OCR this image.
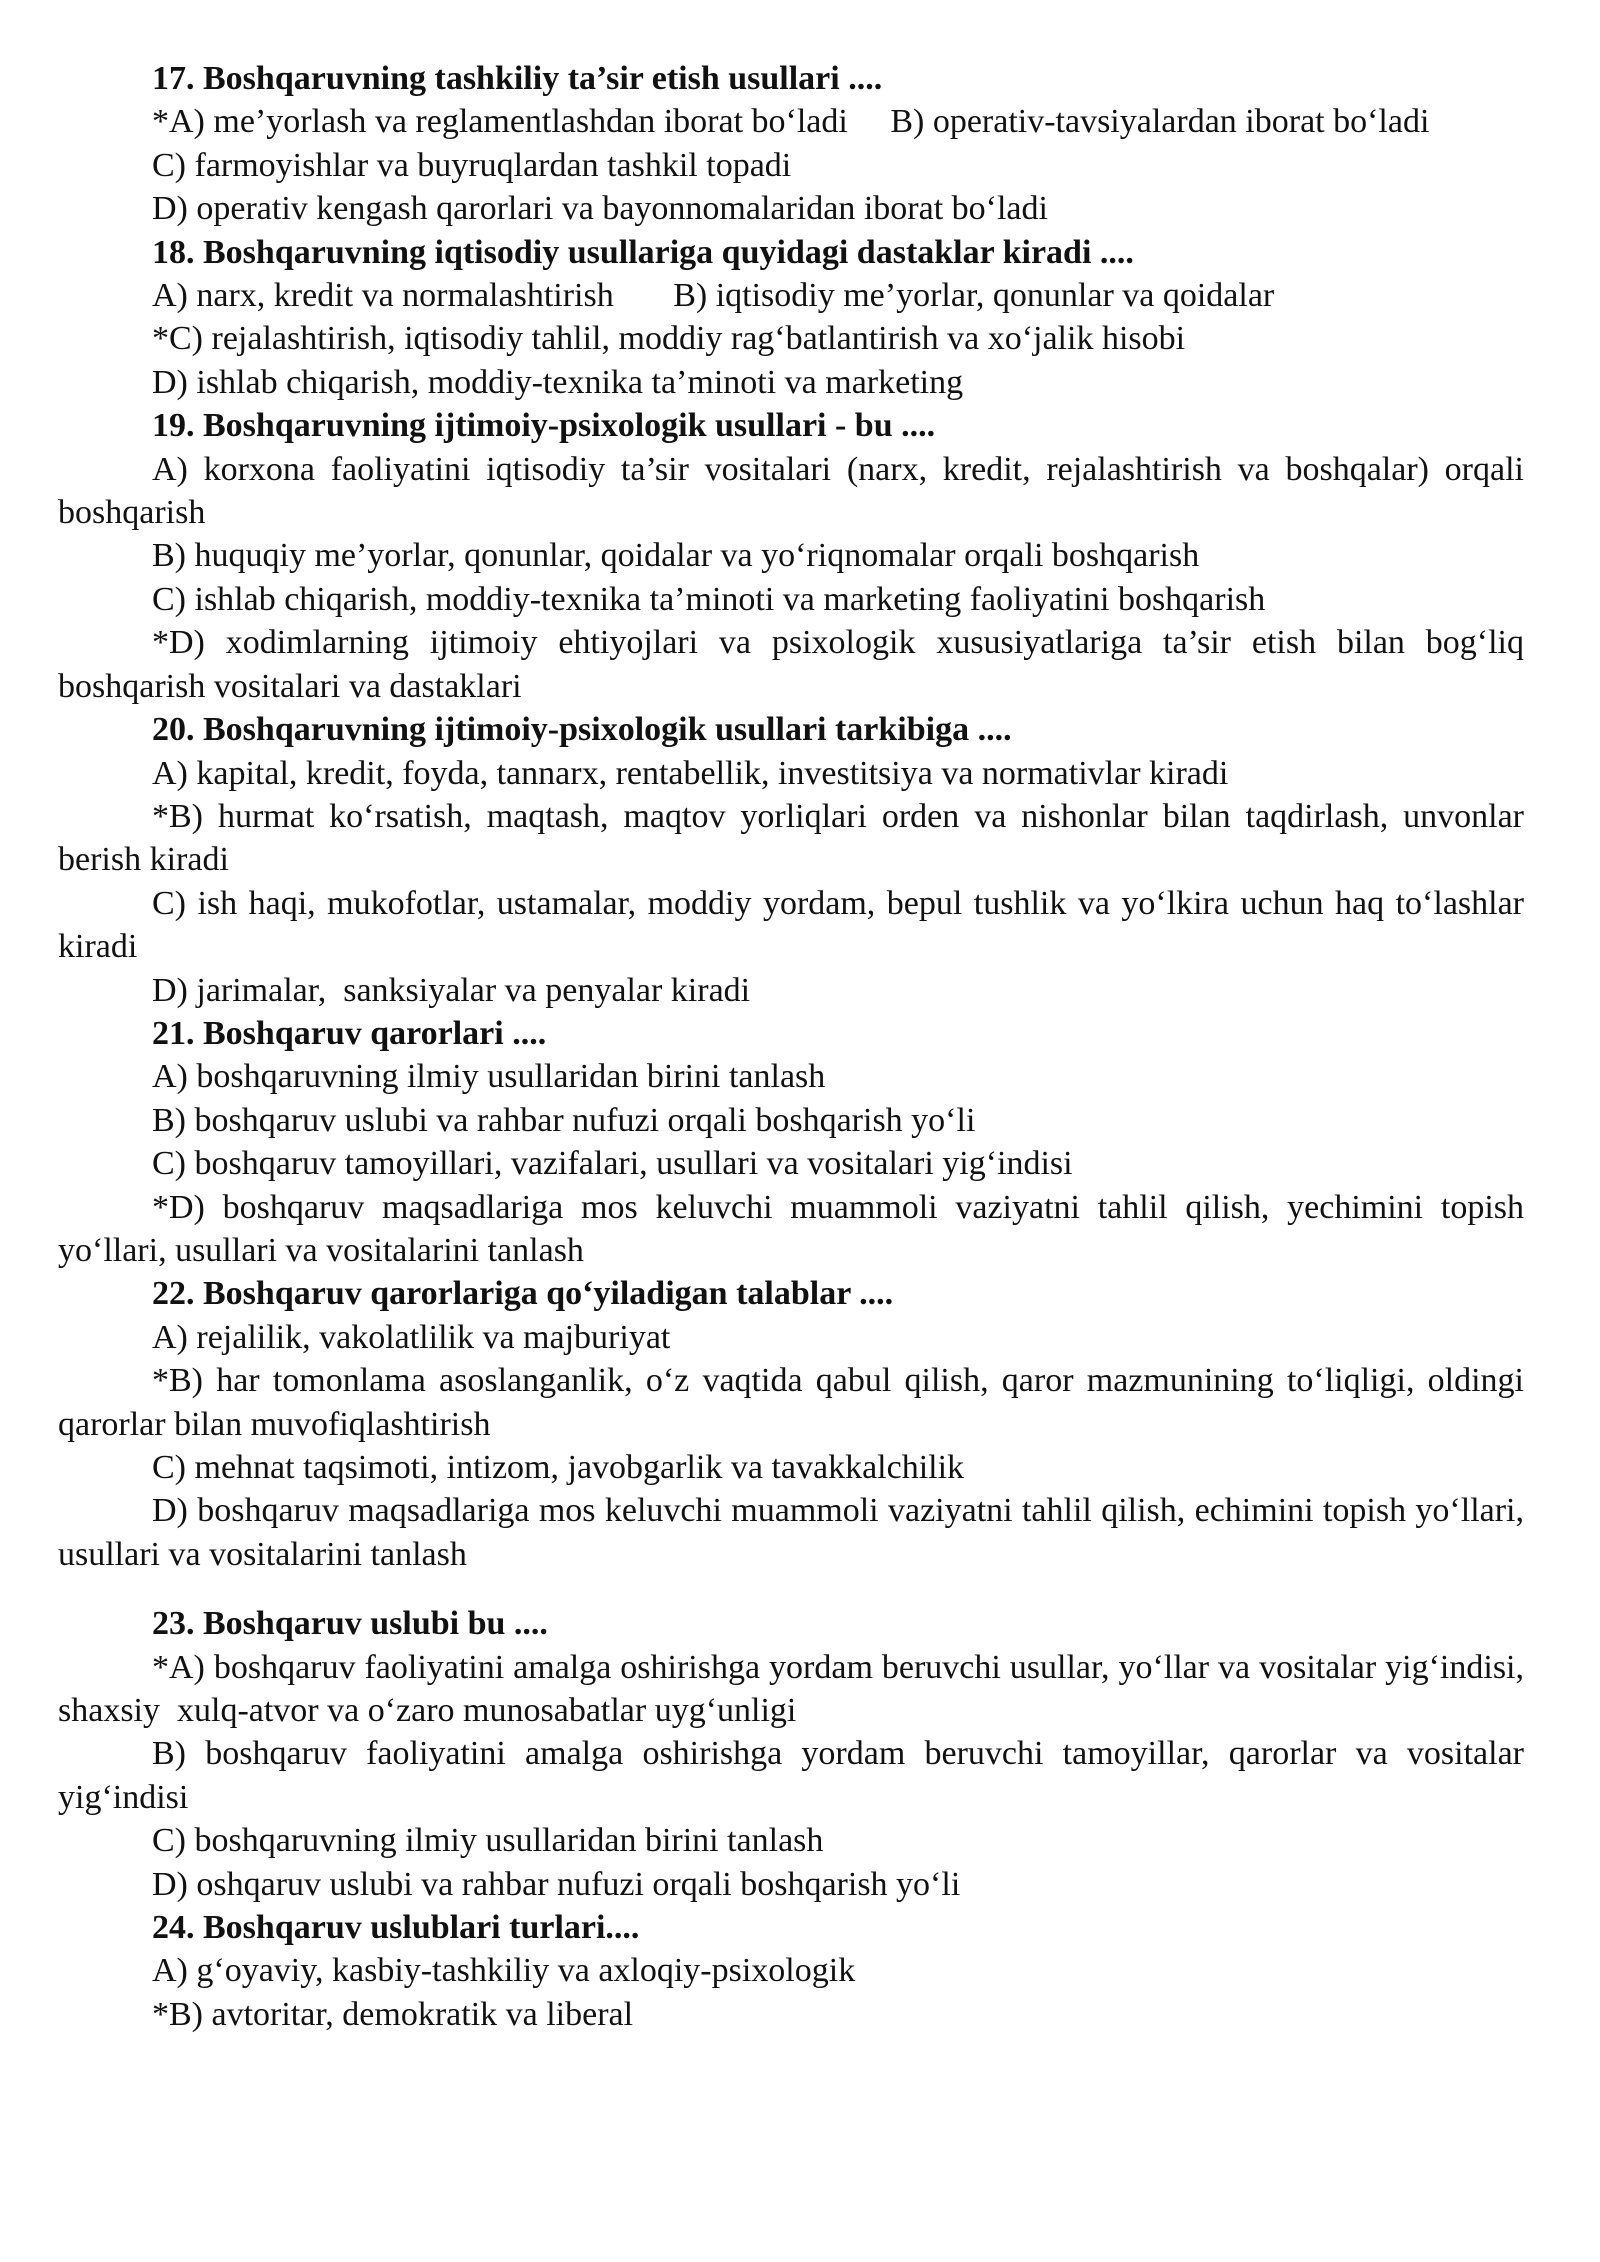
17. Boshqaruvning tashkiliy ta’sir etish usullari ....

*A) me’yorlash va reglamentlashdan iborat bo‘ladi     B) operativ-tavsiyalardan iborat bo‘ladi

C) farmoyishlar va buyruqlardan tashkil topadi

D) operativ kengash qarorlari va bayonnomalaridan iborat bo‘ladi

18. Boshqaruvning iqtisodiy usullariga quyidagi dastaklar kiradi ....

A) narx, kredit va normalashtirish       B) iqtisodiy me’yorlar, qonunlar va qoidalar

*C) rejalashtirish, iqtisodiy tahlil, moddiy rag‘batlantirish va xo‘jalik hisobi

D) ishlab chiqarish, moddiy-texnika ta’minoti va marketing

19. Boshqaruvning ijtimoiy-psixologik usullari - bu ....

A) korxona faoliyatini iqtisodiy ta’sir vositalari (narx, kredit, rejalashtirish va boshqalar) orqali boshqarish

B) huquqiy me’yorlar, qonunlar, qoidalar va yo‘riqnomalar orqali boshqarish

C) ishlab chiqarish, moddiy-texnika ta’minoti va marketing faoliyatini boshqarish

*D) xodimlarning ijtimoiy ehtiyojlari va psixologik xususiyatlariga ta’sir etish bilan bog‘liq boshqarish vositalari va dastaklari

20. Boshqaruvning ijtimoiy-psixologik usullari tarkibiga ....

A) kapital, kredit, foyda, tannarx, rentabellik, investitsiya va normativlar kiradi

*B) hurmat ko‘rsatish, maqtash, maqtov yorliqlari orden va nishonlar bilan taqdirlash, unvonlar berish kiradi

C) ish haqi, mukofotlar, ustamalar, moddiy yordam, bepul tushlik va yo‘lkira uchun haq to‘lashlar kiradi

D) jarimalar,  sanksiyalar va penyalar kiradi

21. Boshqaruv qarorlari ....

A) boshqaruvning ilmiy usullaridan birini tanlash

B) boshqaruv uslubi va rahbar nufuzi orqali boshqarish yo‘li

C) boshqaruv tamoyillari, vazifalari, usullari va vositalari yig‘indisi

*D) boshqaruv maqsadlariga mos keluvchi muammoli vaziyatni tahlil qilish, yechimini topish yo‘llari, usullari va vositalarini tanlash

22. Boshqaruv qarorlariga qo‘yiladigan talablar ....

A) rejalilik, vakolatlilik va majburiyat

*B) har tomonlama asoslanganlik, o‘z vaqtida qabul qilish, qaror mazmunining to‘liqligi, oldingi qarorlar bilan muvofiqlashtirish

C) mehnat taqsimoti, intizom, javobgarlik va tavakkalchilik

D) boshqaruv maqsadlariga mos keluvchi muammoli vaziyatni tahlil qilish, echimini topish yo‘llari, usullari va vositalarini tanlash

23. Boshqaruv uslubi bu ....

*A) boshqaruv faoliyatini amalga oshirishga yordam beruvchi usullar, yo‘llar va vositalar yig‘indisi, shaxsiy  xulq-atvor va o‘zaro munosabatlar uyg‘unligi

B) boshqaruv faoliyatini amalga oshirishga yordam beruvchi tamoyillar, qarorlar va vositalar yig‘indisi

C) boshqaruvning ilmiy usullaridan birini tanlash

D) oshqaruv uslubi va rahbar nufuzi orqali boshqarish yo‘li

24. Boshqaruv uslublari turlari....

A) g‘oyaviy, kasbiy-tashkiliy va axloqiy-psixologik

*B) avtoritar, demokratik va liberal
